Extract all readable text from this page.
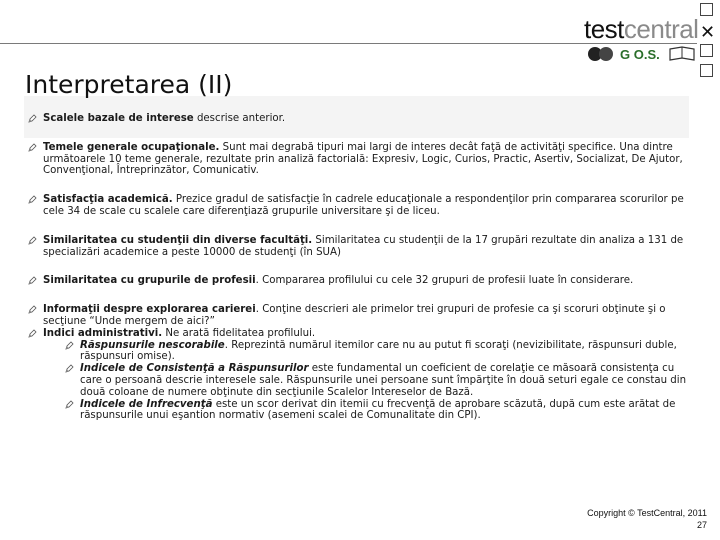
✕
testcentral
G O.S.
Interpretarea (II)
Scalele bazale de interese descrise anterior.
Temele generale ocupaţionale. Sunt mai degrabă tipuri mai largi de interes decât faţă de activităţi specifice. Una dintre următoarele 10 teme generale, rezultate prin analiză factorială: Expresiv, Logic, Curios, Practic, Asertiv, Socializat, De Ajutor, Convenţional, Întreprinzător, Comunicativ.
Satisfacţia academică. Prezice gradul de satisfacţie în cadrele educaţionale a respondenţilor prin compararea scorurilor pe cele 34 de scale cu scalele care diferenţiază grupurile universitare şi de liceu.
Similaritatea cu studenţii din diverse facultăţi. Similaritatea cu studenţii de la 17 grupări rezultate din analiza a 131 de specializări academice a peste 10000 de studenţi (în SUA)
Similaritatea cu grupurile de profesii. Compararea profilului cu cele 32 grupuri de profesii luate în considerare.
Informaţii despre explorarea carierei. Conţine descrieri ale primelor trei grupuri de profesie ca şi scoruri obţinute şi o secţiune “Unde mergem de aici?”
Indici administrativi. Ne arată fidelitatea profilului.
Răspunsurile nescorabile. Reprezintă numărul itemilor care nu au putut fi scoraţi (nevizibilitate, răspunsuri duble, răspunsuri omise).
Indicele de Consistenţă a Răspunsurilor este fundamental un coeficient de corelaţie ce măsoară consistenţa cu care o persoană descrie interesele sale. Răspunsurile unei persoane sunt împărţite în două seturi egale ce constau din două coloane de numere obţinute din secţiunile Scalelor Intereselor de Bază.
Indicele de Infrecvenţă este un scor derivat din itemii cu frecvenţă de aprobare scăzută, după cum este arătat de răspunsurile unui eşantion normativ (asemeni scalei de Comunalitate din CPI).
Copyright © TestCentral, 2011
27
